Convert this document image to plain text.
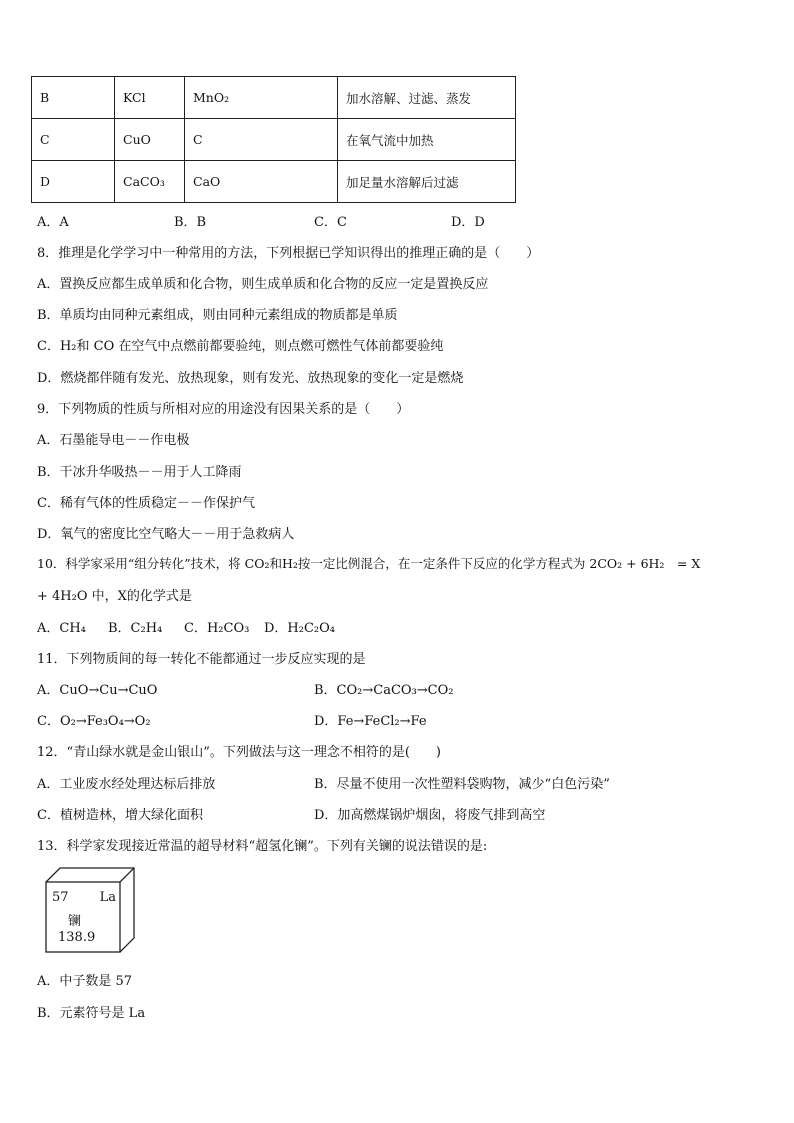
B	KCl	MnO₂	加水溶解、过滤、蒸发
C	CuO	C	在氧气流中加热
D	CaCO₃	CaO	加足量水溶解后过滤
A．A	B．B	C．C	D．D
8．推理是化学学习中一种常用的方法，下列根据已学知识得出的推理正确的是（　　）
A．置换反应都生成单质和化合物，则生成单质和化合物的反应一定是置换反应
B．单质均由同种元素组成，则由同种元素组成的物质都是单质
C．H₂和 CO 在空气中点燃前都要验纯，则点燃可燃性气体前都要验纯
D．燃烧都伴随有发光、放热现象，则有发光、放热现象的变化一定是燃烧
9．下列物质的性质与所相对应的用途没有因果关系的是（　　）
A．石墨能导电－－作电极
B．干冰升华吸热－－用于人工降雨
C．稀有气体的性质稳定－－作保护气
D．氧气的密度比空气略大－－用于急救病人
10．科学家采用“组分转化”技术，将 CO₂和H₂按一定比例混合，在一定条件下反应的化学方程式为 2CO₂ + 6H₂　= X
+ 4H₂O 中，X的化学式是
A．CH₄ B．C₂H₄ C．H₂CO₃ D．H₂C₂O₄
11．下列物质间的每一转化不能都通过一步反应实现的是
A．CuO→Cu→CuO	B．CO₂→CaCO₃→CO₂
C．O₂→Fe₃O₄→O₂	D．Fe→FeCl₂→Fe
12．“青山绿水就是金山银山”。下列做法与这一理念不相符的是(　　)
A．工业废水经处理达标后排放	B．尽量不使用一次性塑料袋购物，减少“白色污染”
C．植树造林，增大绿化面积	D．加高燃煤锅炉烟囱，将废气排到高空
13．科学家发现接近常温的超导材料“超氢化镧”。下列有关镧的说法错误的是:
57 La
镧
138.9
A．中子数是 57
B．元素符号是 La
